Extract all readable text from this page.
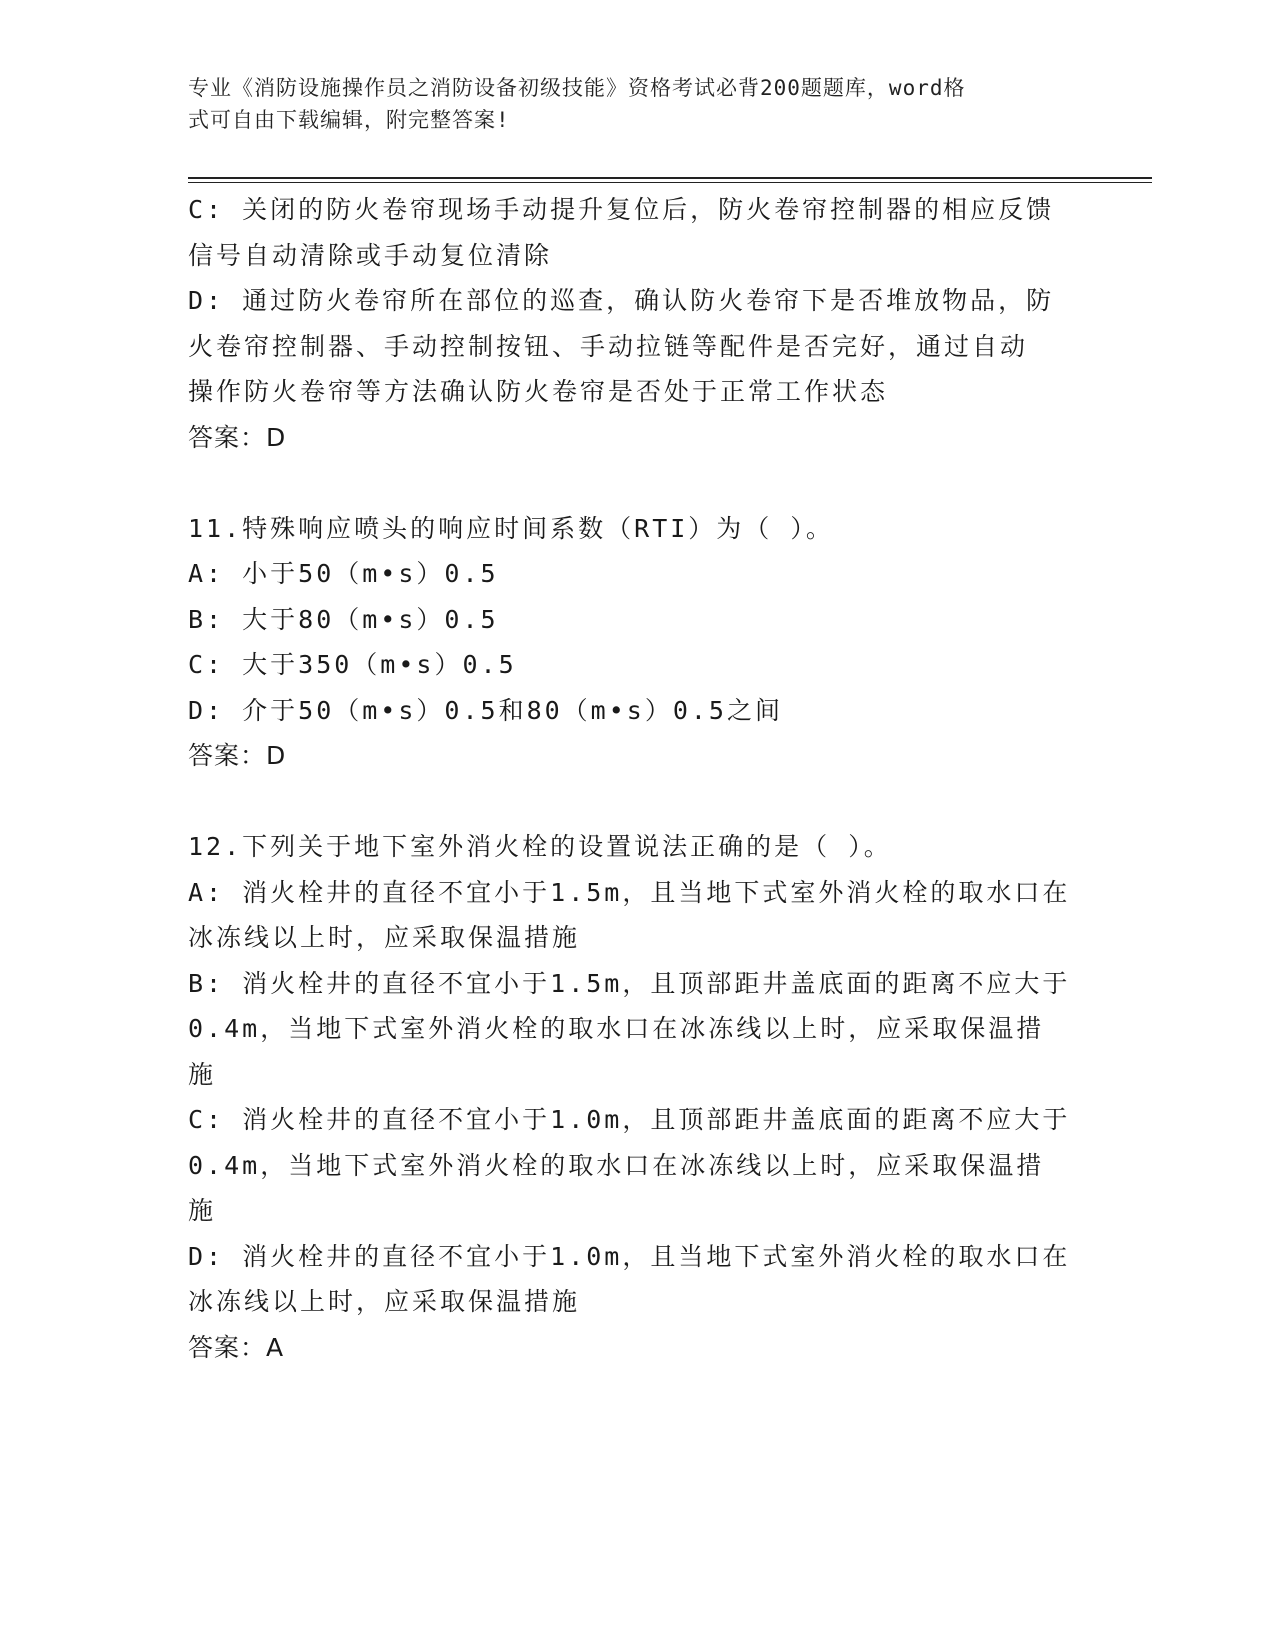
专业《消防设施操作员之消防设备初级技能》资格考试必背200题题库，word格
式可自由下载编辑，附完整答案!
C: 关闭的防火卷帘现场手动提升复位后，防火卷帘控制器的相应反馈
信号自动清除或手动复位清除
D: 通过防火卷帘所在部位的巡查，确认防火卷帘下是否堆放物品，防
火卷帘控制器、手动控制按钮、手动拉链等配件是否完好，通过自动
操作防火卷帘等方法确认防火卷帘是否处于正常工作状态
答案：D
11.特殊响应喷头的响应时间系数（RTI）为（ ）。
A: 小于50（m•s）0.5
B: 大于80（m•s）0.5
C: 大于350（m•s）0.5
D: 介于50（m•s）0.5和80（m•s）0.5之间
答案：D
12.下列关于地下室外消火栓的设置说法正确的是（ ）。
A: 消火栓井的直径不宜小于1.5m，且当地下式室外消火栓的取水口在
冰冻线以上时，应采取保温措施
B: 消火栓井的直径不宜小于1.5m，且顶部距井盖底面的距离不应大于
0.4m，当地下式室外消火栓的取水口在冰冻线以上时，应采取保温措
施
C: 消火栓井的直径不宜小于1.0m，且顶部距井盖底面的距离不应大于
0.4m，当地下式室外消火栓的取水口在冰冻线以上时，应采取保温措
施
D: 消火栓井的直径不宜小于1.0m，且当地下式室外消火栓的取水口在
冰冻线以上时，应采取保温措施
答案：A
